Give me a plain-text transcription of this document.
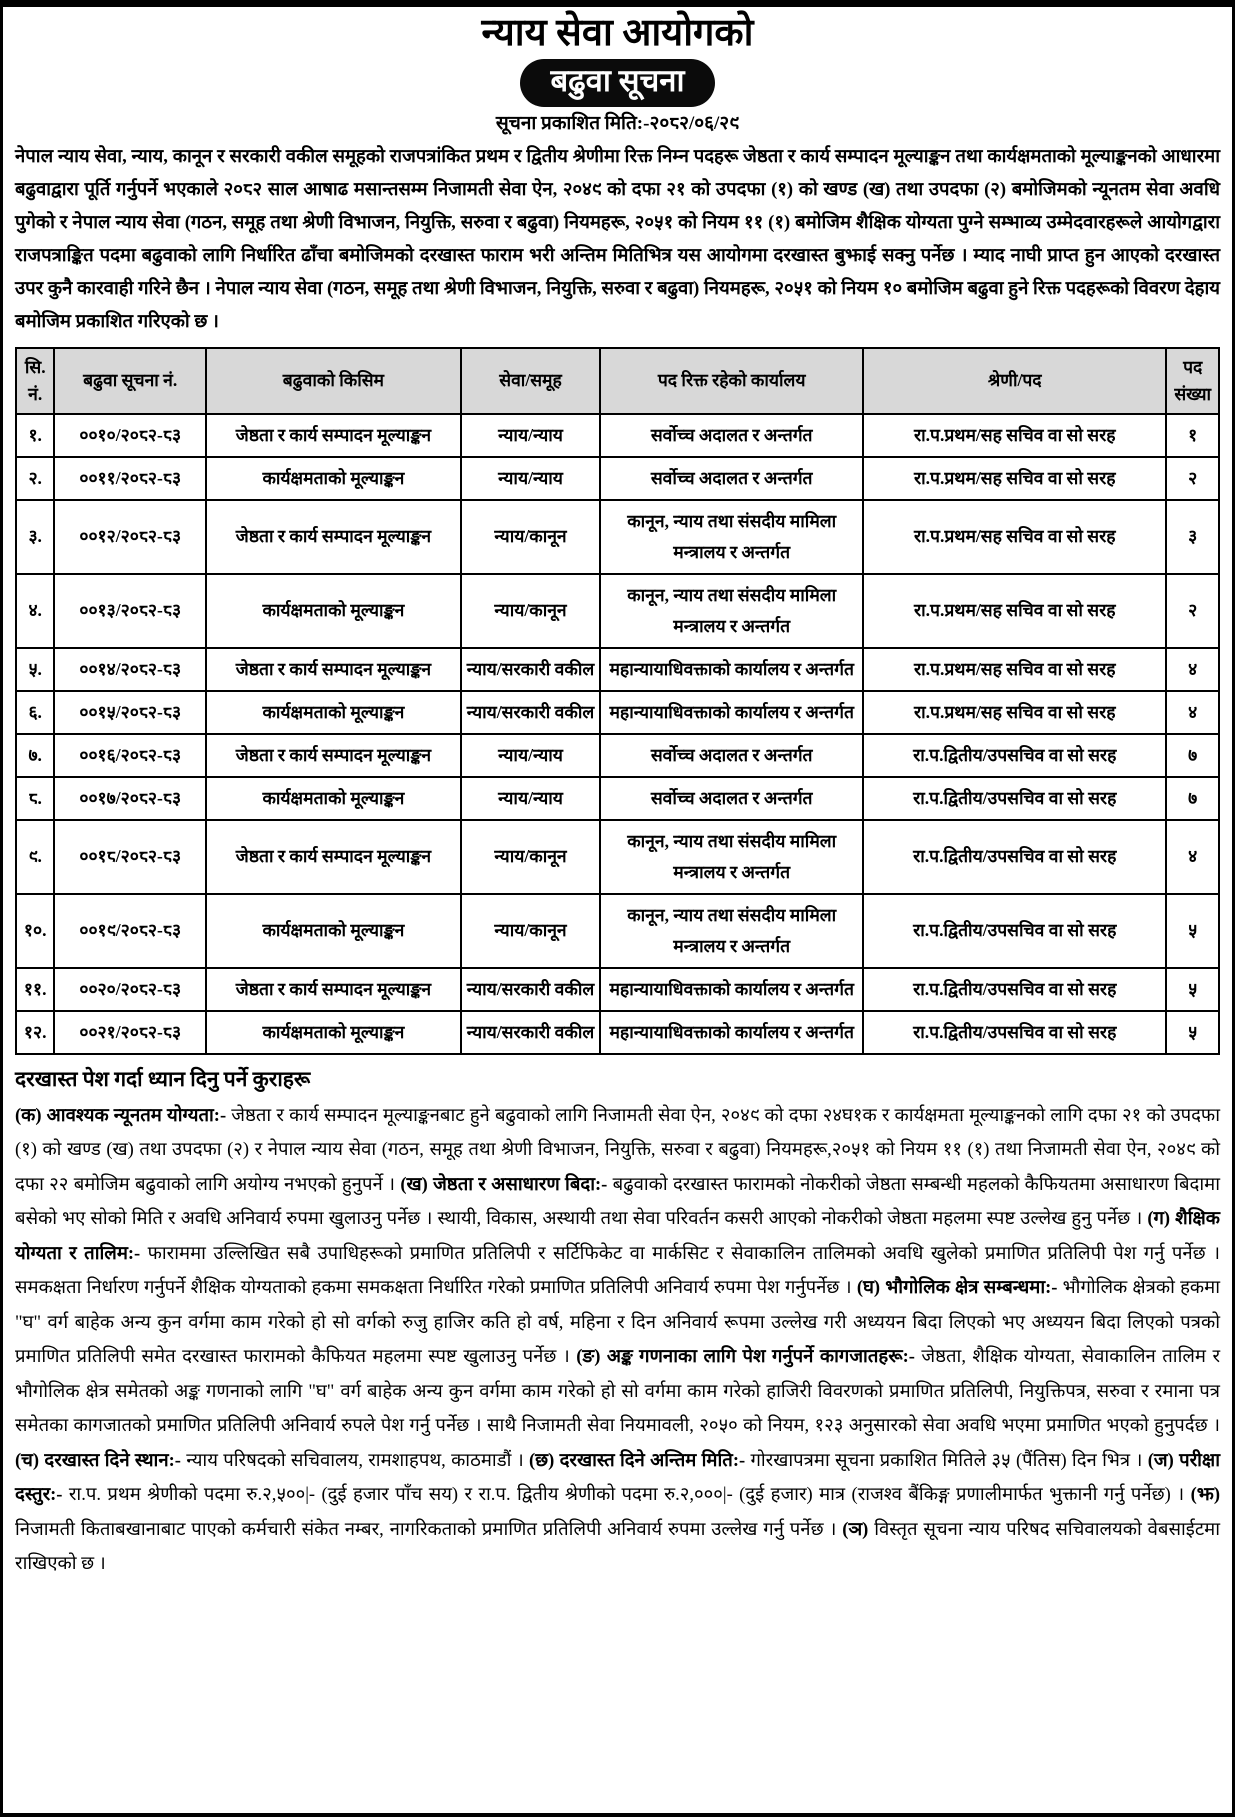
न्याय सेवा आयोगको
बढुवा सूचना
सूचना प्रकाशित मिति:-२०८२/०६/२९

नेपाल न्याय सेवा, न्याय, कानून र सरकारी वकील समूहको राजपत्रांकित प्रथम र द्वितीय श्रेणीमा रिक्त निम्न पदहरू जेष्ठता र कार्य सम्पादन मूल्याङ्कन तथा कार्यक्षमताको मूल्याङ्कनको आधारमा बढुवाद्वारा पूर्ति गर्नुपर्ने भएकाले २०८२ साल आषाढ मसान्तसम्म निजामती सेवा ऐन, २०४९ को दफा २१ को उपदफा (१) को खण्ड (ख) तथा उपदफा (२) बमोजिमको न्यूनतम सेवा अवधि पुगेको र नेपाल न्याय सेवा (गठन, समूह तथा श्रेणी विभाजन, नियुक्ति, सरुवा र बढुवा) नियमहरू, २०५१ को नियम ११ (१) बमोजिम शैक्षिक योग्यता पुग्ने सम्भाव्य उम्मेदवारहरूले आयोगद्वारा राजपत्राङ्कित पदमा बढुवाको लागि निर्धारित ढाँचा बमोजिमको दरखास्त फाराम भरी अन्तिम मितिभित्र यस आयोगमा दरखास्त बुझाई सक्नु पर्नेछ । म्याद नाघी प्राप्त हुन आएको दरखास्त उपर कुनै कारवाही गरिने छैन । नेपाल न्याय सेवा (गठन, समूह तथा श्रेणी विभाजन, नियुक्ति, सरुवा र बढुवा) नियमहरू, २०५१ को नियम १० बमोजिम बढुवा हुने रिक्त पदहरूको विवरण देहाय बमोजिम प्रकाशित गरिएको छ ।

सि. नं.	बढुवा सूचना नं.	बढुवाको किसिम	सेवा/समूह	पद रिक्त रहेको कार्यालय	श्रेणी/पद	पद संख्या
१.	००१०/२०८२-८३	जेष्ठता र कार्य सम्पादन मूल्याङ्कन	न्याय/न्याय	सर्वोच्च अदालत र अन्तर्गत	रा.प.प्रथम/सह सचिव वा सो सरह	१
२.	००११/२०८२-८३	कार्यक्षमताको मूल्याङ्कन	न्याय/न्याय	सर्वोच्च अदालत र अन्तर्गत	रा.प.प्रथम/सह सचिव वा सो सरह	२
३.	००१२/२०८२-८३	जेष्ठता र कार्य सम्पादन मूल्याङ्कन	न्याय/कानून	कानून, न्याय तथा संसदीय मामिला मन्त्रालय र अन्तर्गत	रा.प.प्रथम/सह सचिव वा सो सरह	३
४.	००१३/२०८२-८३	कार्यक्षमताको मूल्याङ्कन	न्याय/कानून	कानून, न्याय तथा संसदीय मामिला मन्त्रालय र अन्तर्गत	रा.प.प्रथम/सह सचिव वा सो सरह	२
५.	००१४/२०८२-८३	जेष्ठता र कार्य सम्पादन मूल्याङ्कन	न्याय/सरकारी वकील	महान्यायाधिवक्ताको कार्यालय र अन्तर्गत	रा.प.प्रथम/सह सचिव वा सो सरह	४
६.	००१५/२०८२-८३	कार्यक्षमताको मूल्याङ्कन	न्याय/सरकारी वकील	महान्यायाधिवक्ताको कार्यालय र अन्तर्गत	रा.प.प्रथम/सह सचिव वा सो सरह	४
७.	००१६/२०८२-८३	जेष्ठता र कार्य सम्पादन मूल्याङ्कन	न्याय/न्याय	सर्वोच्च अदालत र अन्तर्गत	रा.प.द्वितीय/उपसचिव वा सो सरह	७
८.	००१७/२०८२-८३	कार्यक्षमताको मूल्याङ्कन	न्याय/न्याय	सर्वोच्च अदालत र अन्तर्गत	रा.प.द्वितीय/उपसचिव वा सो सरह	७
९.	००१८/२०८२-८३	जेष्ठता र कार्य सम्पादन मूल्याङ्कन	न्याय/कानून	कानून, न्याय तथा संसदीय मामिला मन्त्रालय र अन्तर्गत	रा.प.द्वितीय/उपसचिव वा सो सरह	४
१०.	००१९/२०८२-८३	कार्यक्षमताको मूल्याङ्कन	न्याय/कानून	कानून, न्याय तथा संसदीय मामिला मन्त्रालय र अन्तर्गत	रा.प.द्वितीय/उपसचिव वा सो सरह	५
११.	००२०/२०८२-८३	जेष्ठता र कार्य सम्पादन मूल्याङ्कन	न्याय/सरकारी वकील	महान्यायाधिवक्ताको कार्यालय र अन्तर्गत	रा.प.द्वितीय/उपसचिव वा सो सरह	५
१२.	००२१/२०८२-८३	कार्यक्षमताको मूल्याङ्कन	न्याय/सरकारी वकील	महान्यायाधिवक्ताको कार्यालय र अन्तर्गत	रा.प.द्वितीय/उपसचिव वा सो सरह	५
दरखास्त पेश गर्दा ध्यान दिनु पर्ने कुराहरू

(क) आवश्यक न्यूनतम योग्यता:- जेष्ठता र कार्य सम्पादन मूल्याङ्कनबाट हुने बढुवाको लागि निजामती सेवा ऐन, २०४९ को दफा २४घ१क र कार्यक्षमता मूल्याङ्कनको लागि दफा २१ को उपदफा (१) को खण्ड (ख) तथा उपदफा (२) र नेपाल न्याय सेवा (गठन, समूह तथा श्रेणी विभाजन, नियुक्ति, सरुवा र बढुवा) नियमहरू,२०५१ को नियम ११ (१) तथा निजामती सेवा ऐन, २०४९ को दफा २२ बमोजिम बढुवाको लागि अयोग्य नभएको हुनुपर्ने । (ख) जेष्ठता र असाधारण बिदा:- बढुवाको दरखास्त फारामको नोकरीको जेष्ठता सम्बन्धी महलको कैफियतमा असाधारण बिदामा बसेको भए सोको मिति र अवधि अनिवार्य रुपमा खुलाउनु पर्नेछ । स्थायी, विकास, अस्थायी तथा सेवा परिवर्तन कसरी आएको नोकरीको जेष्ठता महलमा स्पष्ट उल्लेख हुनु पर्नेछ । (ग) शैक्षिक योग्यता र तालिम:- फाराममा उल्लिखित सबै उपाधिहरूको प्रमाणित प्रतिलिपी र सर्टिफिकेट वा मार्कसिट र सेवाकालिन तालिमको अवधि खुलेको प्रमाणित प्रतिलिपी पेश गर्नु पर्नेछ । समकक्षता निर्धारण गर्नुपर्ने शैक्षिक योग्यताको हकमा समकक्षता निर्धारित गरेको प्रमाणित प्रतिलिपी अनिवार्य रुपमा पेश गर्नुपर्नेछ । (घ) भौगोलिक क्षेत्र सम्बन्धमा:- भौगोलिक क्षेत्रको हकमा "घ" वर्ग बाहेक अन्य कुन वर्गमा काम गरेको हो सो वर्गको रुजु हाजिर कति हो वर्ष, महिना र दिन अनिवार्य रूपमा उल्लेख गरी अध्ययन बिदा लिएको भए अध्ययन बिदा लिएको पत्रको प्रमाणित प्रतिलिपी समेत दरखास्त फारामको कैफियत महलमा स्पष्ट खुलाउनु पर्नेछ । (ङ) अङ्क गणनाका लागि पेश गर्नुपर्ने कागजातहरू:- जेष्ठता, शैक्षिक योग्यता, सेवाकालिन तालिम र भौगोलिक क्षेत्र समेतको अङ्क गणनाको लागि "घ" वर्ग बाहेक अन्य कुन वर्गमा काम गरेको हो सो वर्गमा काम गरेको हाजिरी विवरणको प्रमाणित प्रतिलिपी, नियुक्तिपत्र, सरुवा र रमाना पत्र समेतका कागजातको प्रमाणित प्रतिलिपी अनिवार्य रुपले पेश गर्नु पर्नेछ । साथै निजामती सेवा नियमावली, २०५० को नियम, १२३ अनुसारको सेवा अवधि भएमा प्रमाणित भएको हुनुपर्दछ । (च) दरखास्त दिने स्थान:- न्याय परिषदको सचिवालय, रामशाहपथ, काठमाडौं । (छ) दरखास्त दिने अन्तिम मिति:- गोरखापत्रमा सूचना प्रकाशित मितिले ३५ (पैंतिस) दिन भित्र । (ज) परीक्षा दस्तुर:- रा.प. प्रथम श्रेणीको पदमा रु.२,५००|- (दुई हजार पाँच सय) र रा.प. द्वितीय श्रेणीको पदमा रु.२,०००|- (दुई हजार) मात्र (राजश्व बैंकिङ्ग प्रणालीमार्फत भुक्तानी गर्नु पर्नेछ) । (झ) निजामती किताबखानाबाट पाएको कर्मचारी संकेत नम्बर, नागरिकताको प्रमाणित प्रतिलिपी अनिवार्य रुपमा उल्लेख गर्नु पर्नेछ । (ञ) विस्तृत सूचना न्याय परिषद सचिवालयको वेबसाईटमा राखिएको छ ।
